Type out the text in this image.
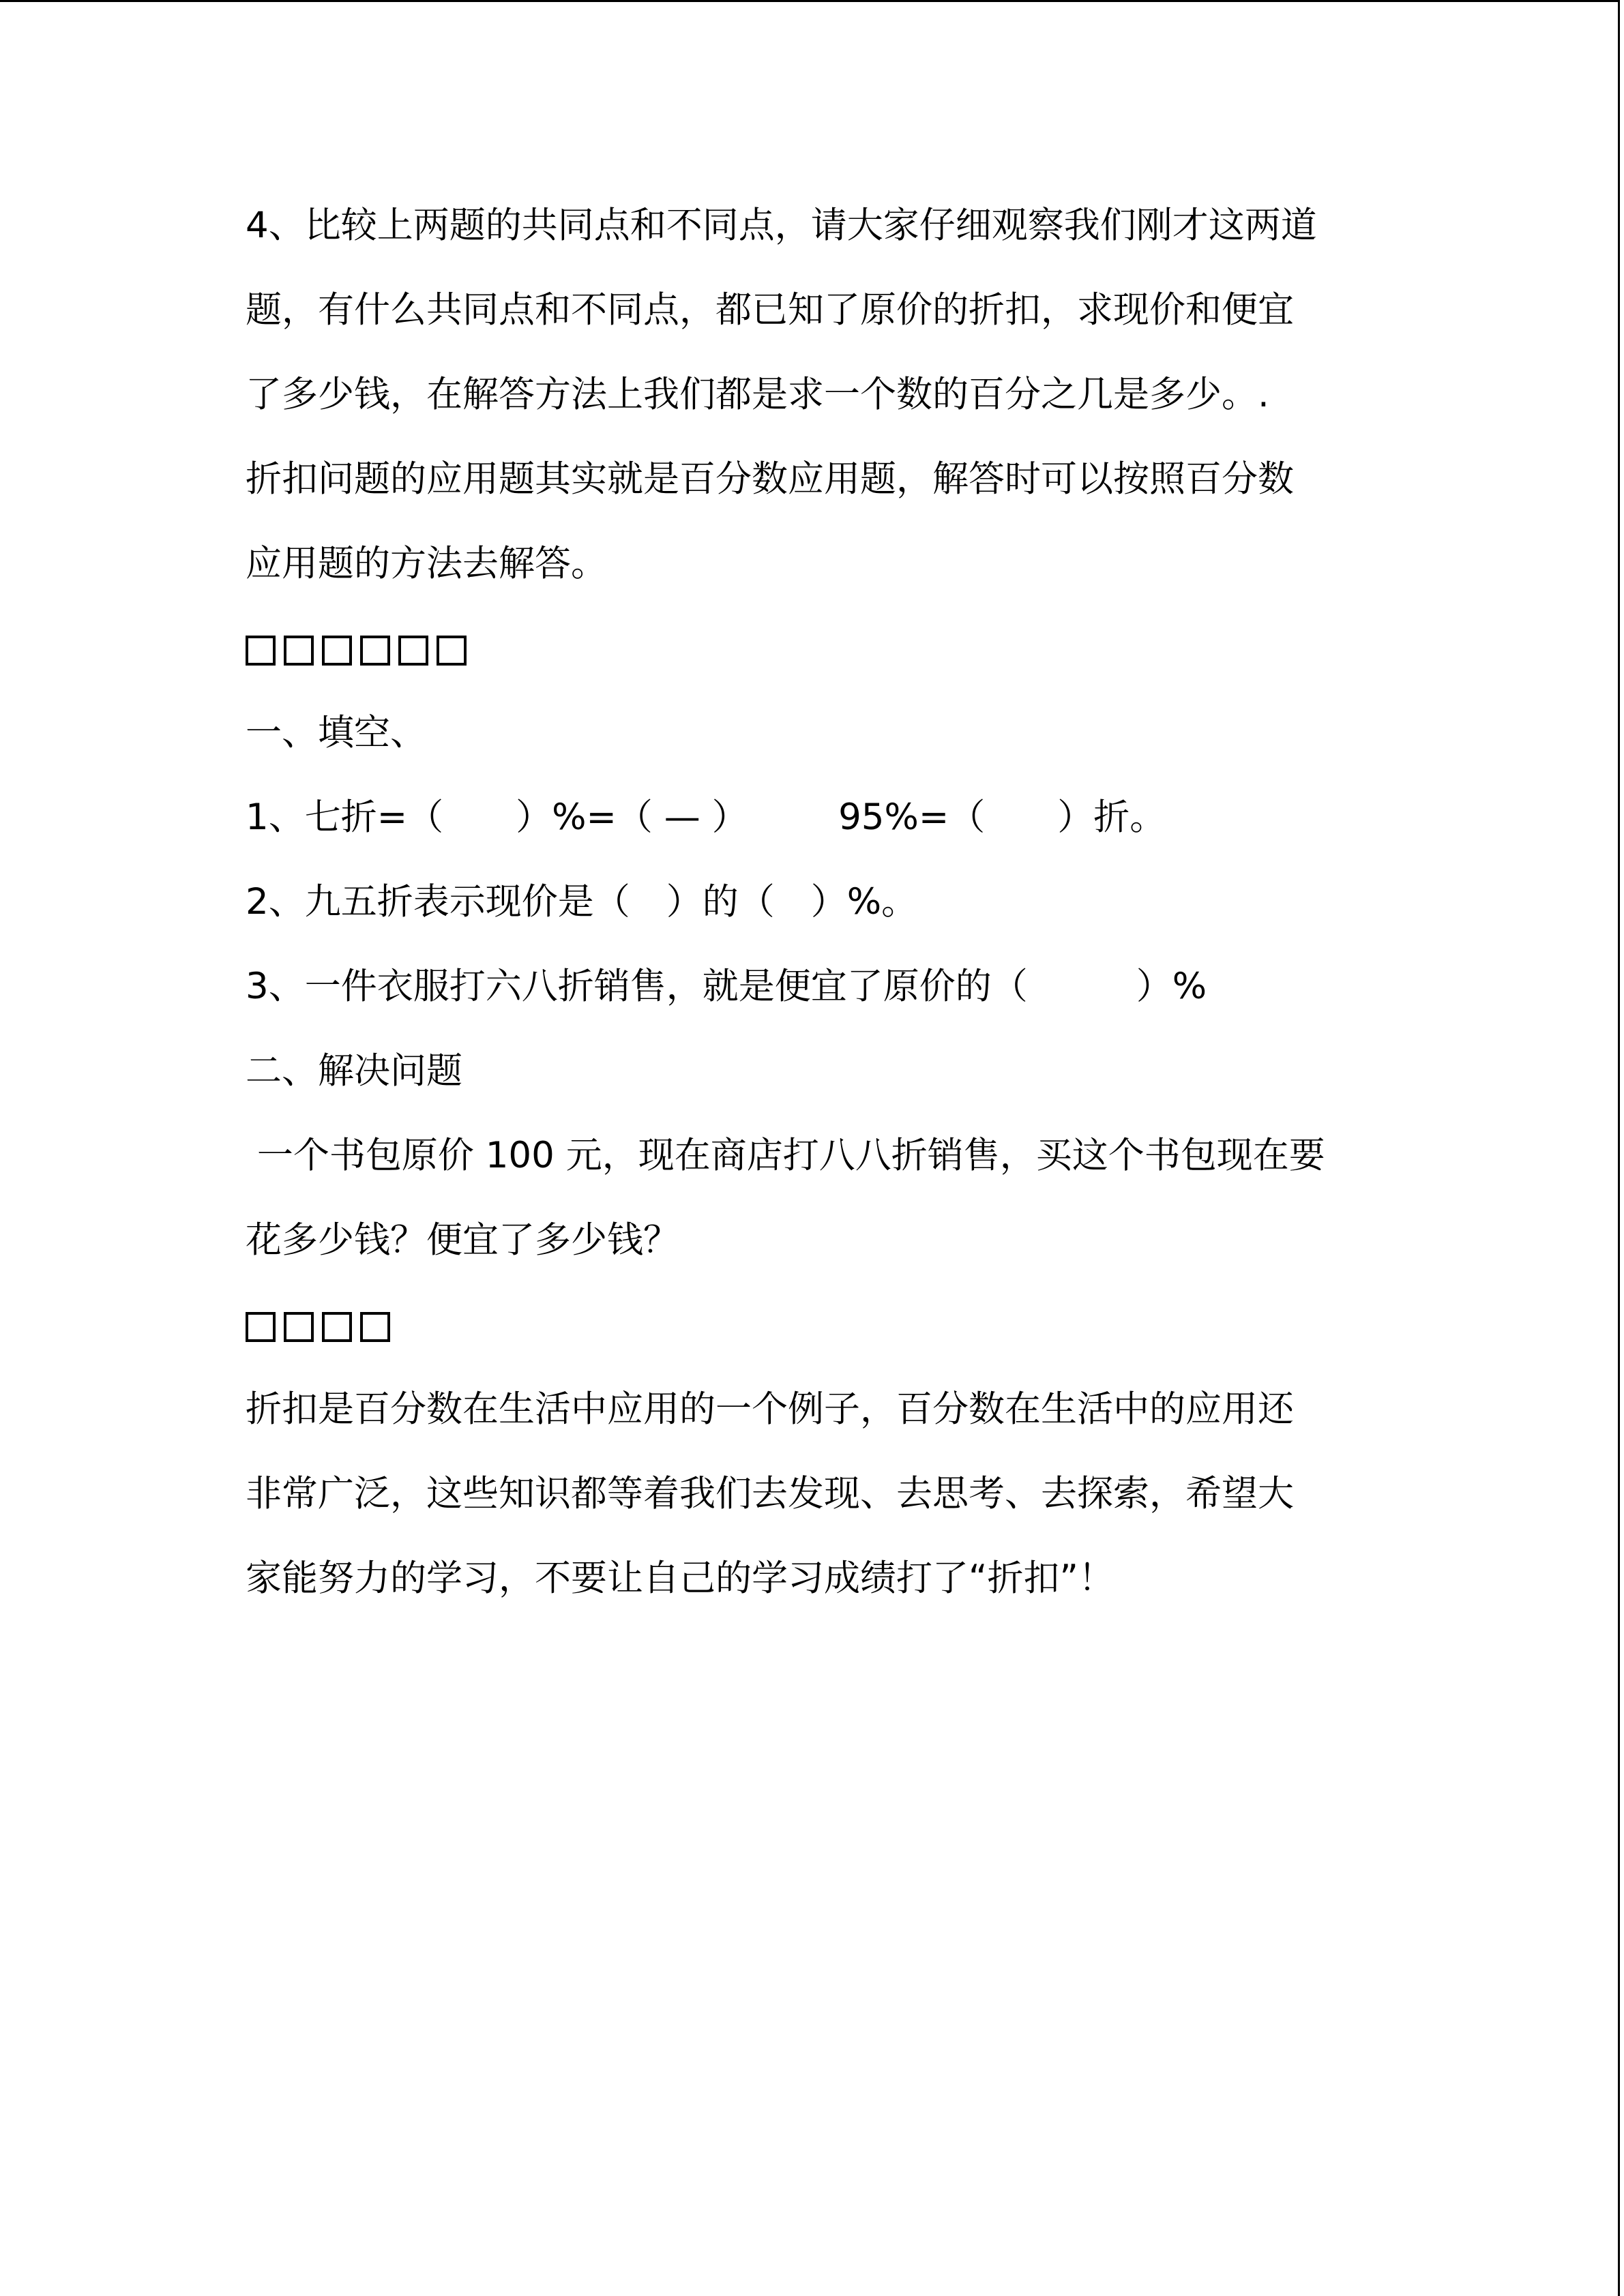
4、比较上两题的共同点和不同点，请大家仔细观察我们刚才这两道

题，有什么共同点和不同点，都已知了原价的折扣，求现价和便宜

了多少钱，在解答方法上我们都是求一个数的百分之几是多少。.

折扣问题的应用题其实就是百分数应用题，解答时可以按照百分数

应用题的方法去解答。

一、填空、

1、七折=（　　）%=（ — ）　　　95%=（　　）折。

2、九五折表示现价是（　）的（　）%。

3、一件衣服打六八折销售，就是便宜了原价的（　　　）%

二、解决问题

一个书包原价 100 元，现在商店打八八折销售，买这个书包现在要

花多少钱？便宜了多少钱？

折扣是百分数在生活中应用的一个例子，百分数在生活中的应用还

非常广泛，这些知识都等着我们去发现、去思考、去探索，希望大

家能努力的学习，不要让自己的学习成绩打了“折扣”！
